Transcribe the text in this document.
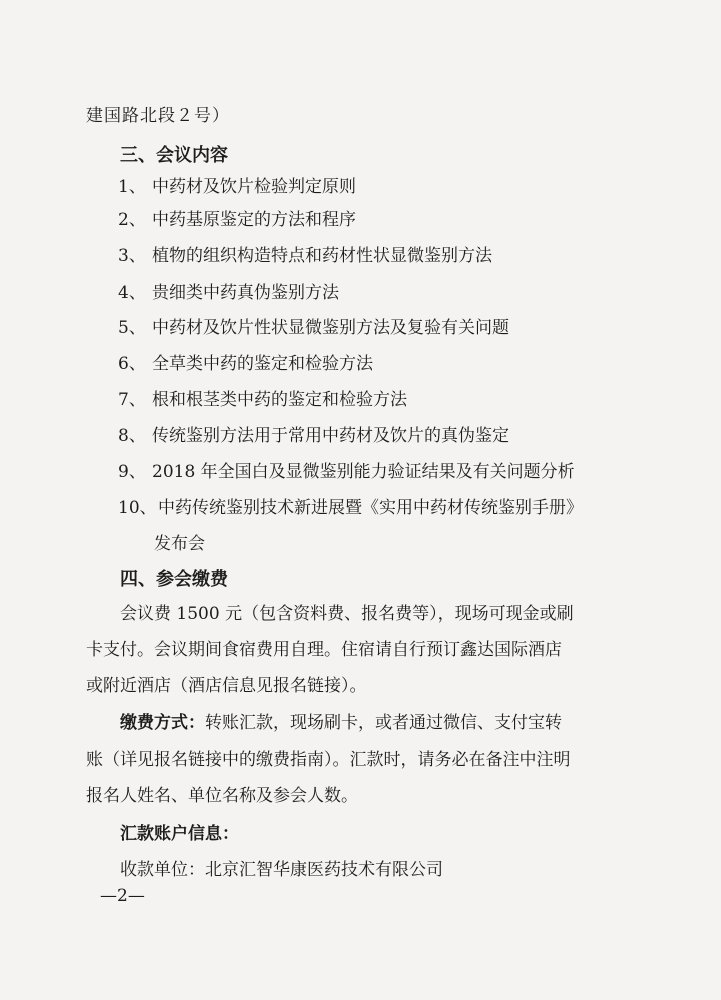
建国路北段２号）
三、会议内容
1、 中药材及饮片检验判定原则
2、 中药基原鉴定的方法和程序
3、 植物的组织构造特点和药材性状显微鉴别方法
4、 贵细类中药真伪鉴别方法
5、 中药材及饮片性状显微鉴别方法及复验有关问题
6、 全草类中药的鉴定和检验方法
7、 根和根茎类中药的鉴定和检验方法
8、 传统鉴别方法用于常用中药材及饮片的真伪鉴定
9、 2018 年全国白及显微鉴别能力验证结果及有关问题分析
10、中药传统鉴别技术新进展暨《实用中药材传统鉴别手册》
发布会
四、参会缴费
会议费 1500 元（包含资料费、报名费等），现场可现金或刷
卡支付。会议期间食宿费用自理。住宿请自行预订鑫达国际酒店
或附近酒店（酒店信息见报名链接）。
缴费方式：转账汇款，现场刷卡，或者通过微信、支付宝转
账（详见报名链接中的缴费指南）。汇款时，请务必在备注中注明
报名人姓名、单位名称及参会人数。
汇款账户信息：
收款单位：北京汇智华康医药技术有限公司
—2—
